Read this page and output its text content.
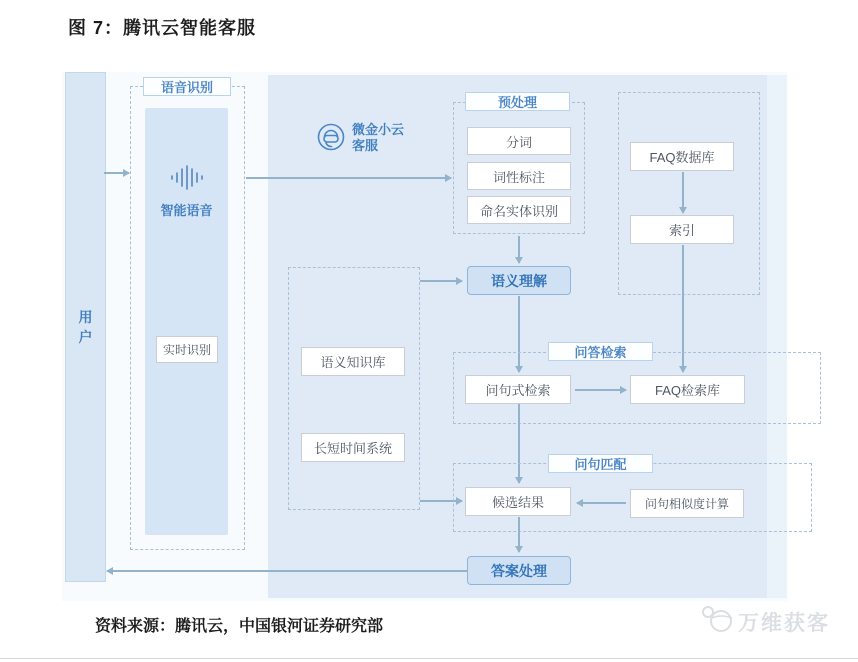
图 7：腾讯云智能客服
用户
语音识别
智能语音
实时识别
微金小云
客服
预处理
分词
词性标注
命名实体识别
语义理解
FAQ数据库
索引
语义知识库
长短时间系统
问答检索
问句式检索	FAQ检索库
问句匹配
候选结果	问句相似度计算
答案处理
资料来源：腾讯云，中国银河证券研究部	万维获客
